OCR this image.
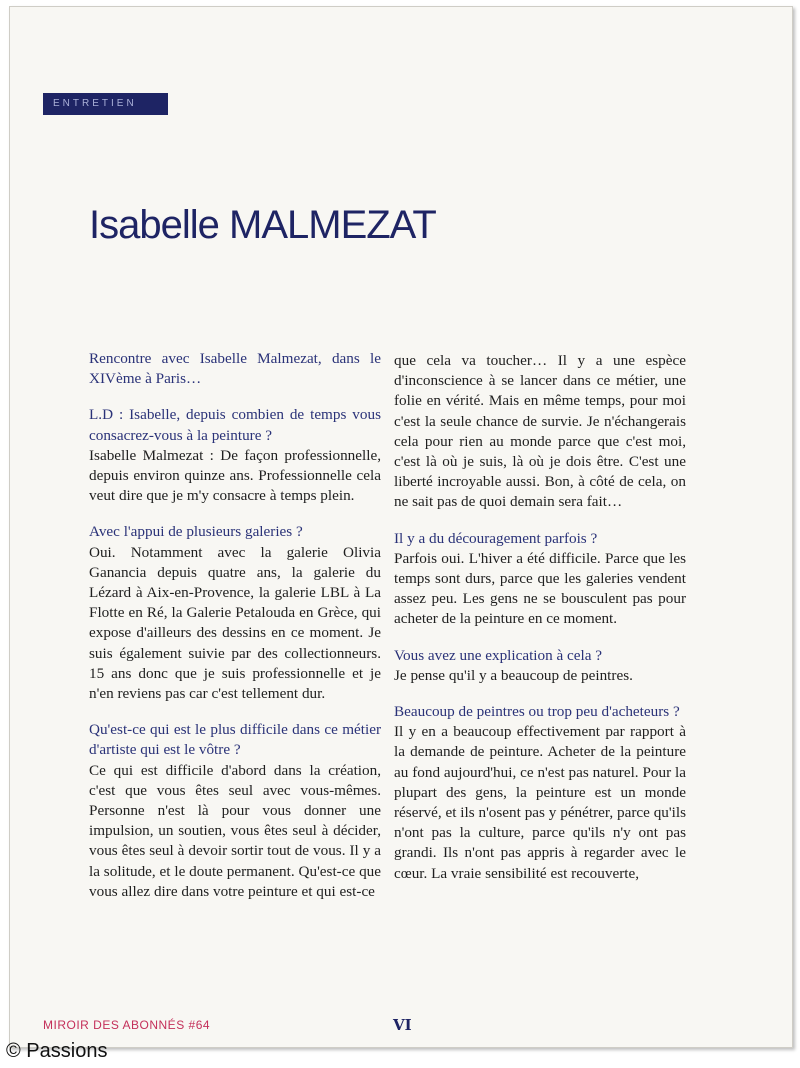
ENTRETIEN
Isabelle MALMEZAT

Rencontre avec Isabelle Malmezat, dans le XIVème à Paris…

L.D : Isabelle, depuis combien de temps vous consacrez-vous à la peinture ?
Isabelle Malmezat : De façon professionnelle, depuis environ quinze ans. Professionnelle cela veut dire que je m'y consacre à temps plein.

Avec l'appui de plusieurs galeries ?
Oui. Notamment avec la galerie Olivia Ganancia depuis quatre ans, la galerie du Lézard à Aix-en-Provence, la galerie LBL à La Flotte en Ré, la Galerie Petalouda en Grèce, qui expose d'ailleurs des dessins en ce moment. Je suis également suivie par des collectionneurs. 15 ans donc que je suis professionnelle et je n'en reviens pas car c'est tellement dur.

Qu'est-ce qui est le plus difficile dans ce métier d'artiste qui est le vôtre ?
Ce qui est difficile d'abord dans la création, c'est que vous êtes seul avec vous-mêmes. Personne n'est là pour vous donner une impulsion, un soutien, vous êtes seul à décider, vous êtes seul à devoir sortir tout de vous. Il y a la solitude, et le doute permanent. Qu'est-ce que vous allez dire dans votre peinture et qui est-ce

que cela va toucher… Il y a une espèce d'inconscience à se lancer dans ce métier, une folie en vérité. Mais en même temps, pour moi c'est la seule chance de survie. Je n'échangerais cela pour rien au monde parce que c'est moi, c'est là où je suis, là où je dois être. C'est une liberté incroyable aussi. Bon, à côté de cela, on ne sait pas de quoi demain sera fait…

Il y a du découragement parfois ?
Parfois oui. L'hiver a été difficile. Parce que les temps sont durs, parce que les galeries vendent assez peu. Les gens ne se bousculent pas pour acheter de la peinture en ce moment.

Vous avez une explication à cela ?
Je pense qu'il y a beaucoup de peintres.

Beaucoup de peintres ou trop peu d'acheteurs ?
Il y en a beaucoup effectivement par rapport à la demande de peinture. Acheter de la peinture au fond aujourd'hui, ce n'est pas naturel. Pour la plupart des gens, la peinture est un monde réservé, et ils n'osent pas y pénétrer, parce qu'ils n'ont pas la culture, parce qu'ils n'y ont pas grandi. Ils n'ont pas appris à regarder avec le cœur. La vraie sensibilité est recouverte,

MIROIR DES ABONNÉS #64	VI
© Passions
